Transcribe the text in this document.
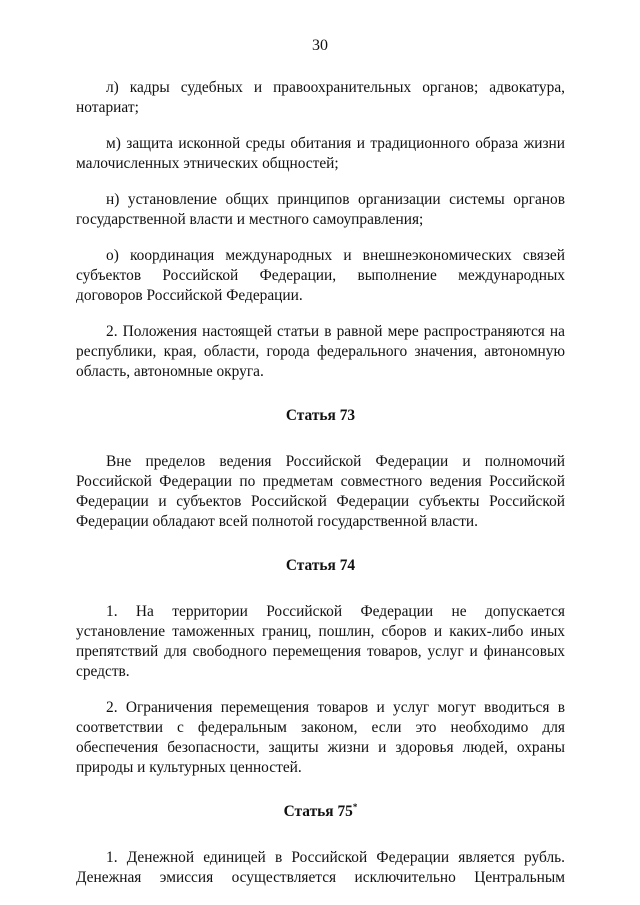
30

л) кадры судебных и правоохранительных органов; адвокатура, нотариат;

м) защита исконной среды обитания и традиционного образа жизни малочисленных этнических общностей;

н) установление общих принципов организации системы органов государственной власти и местного самоуправления;

о) координация международных и внешнеэкономических связей субъектов Российской Федерации, выполнение международных договоров Российской Федерации.

2. Положения настоящей статьи в равной мере распространяются на республики, края, области, города федерального значения, автономную область, автономные округа.

Статья 73

Вне пределов ведения Российской Федерации и полномочий Российской Федерации по предметам совместного ведения Российской Федерации и субъектов Российской Федерации субъекты Российской Федерации обладают всей полнотой государственной власти.

Статья 74

1. На территории Российской Федерации не допускается установление таможенных границ, пошлин, сборов и каких-либо иных препятствий для свободного перемещения товаров, услуг и финансовых средств.

2. Ограничения перемещения товаров и услуг могут вводиться в соответствии с федеральным законом, если это необходимо для обеспечения безопасности, защиты жизни и здоровья людей, охраны природы и культурных ценностей.

Статья 75*

1. Денежной единицей в Российской Федерации является рубль. Денежная эмиссия осуществляется исключительно Центральным
